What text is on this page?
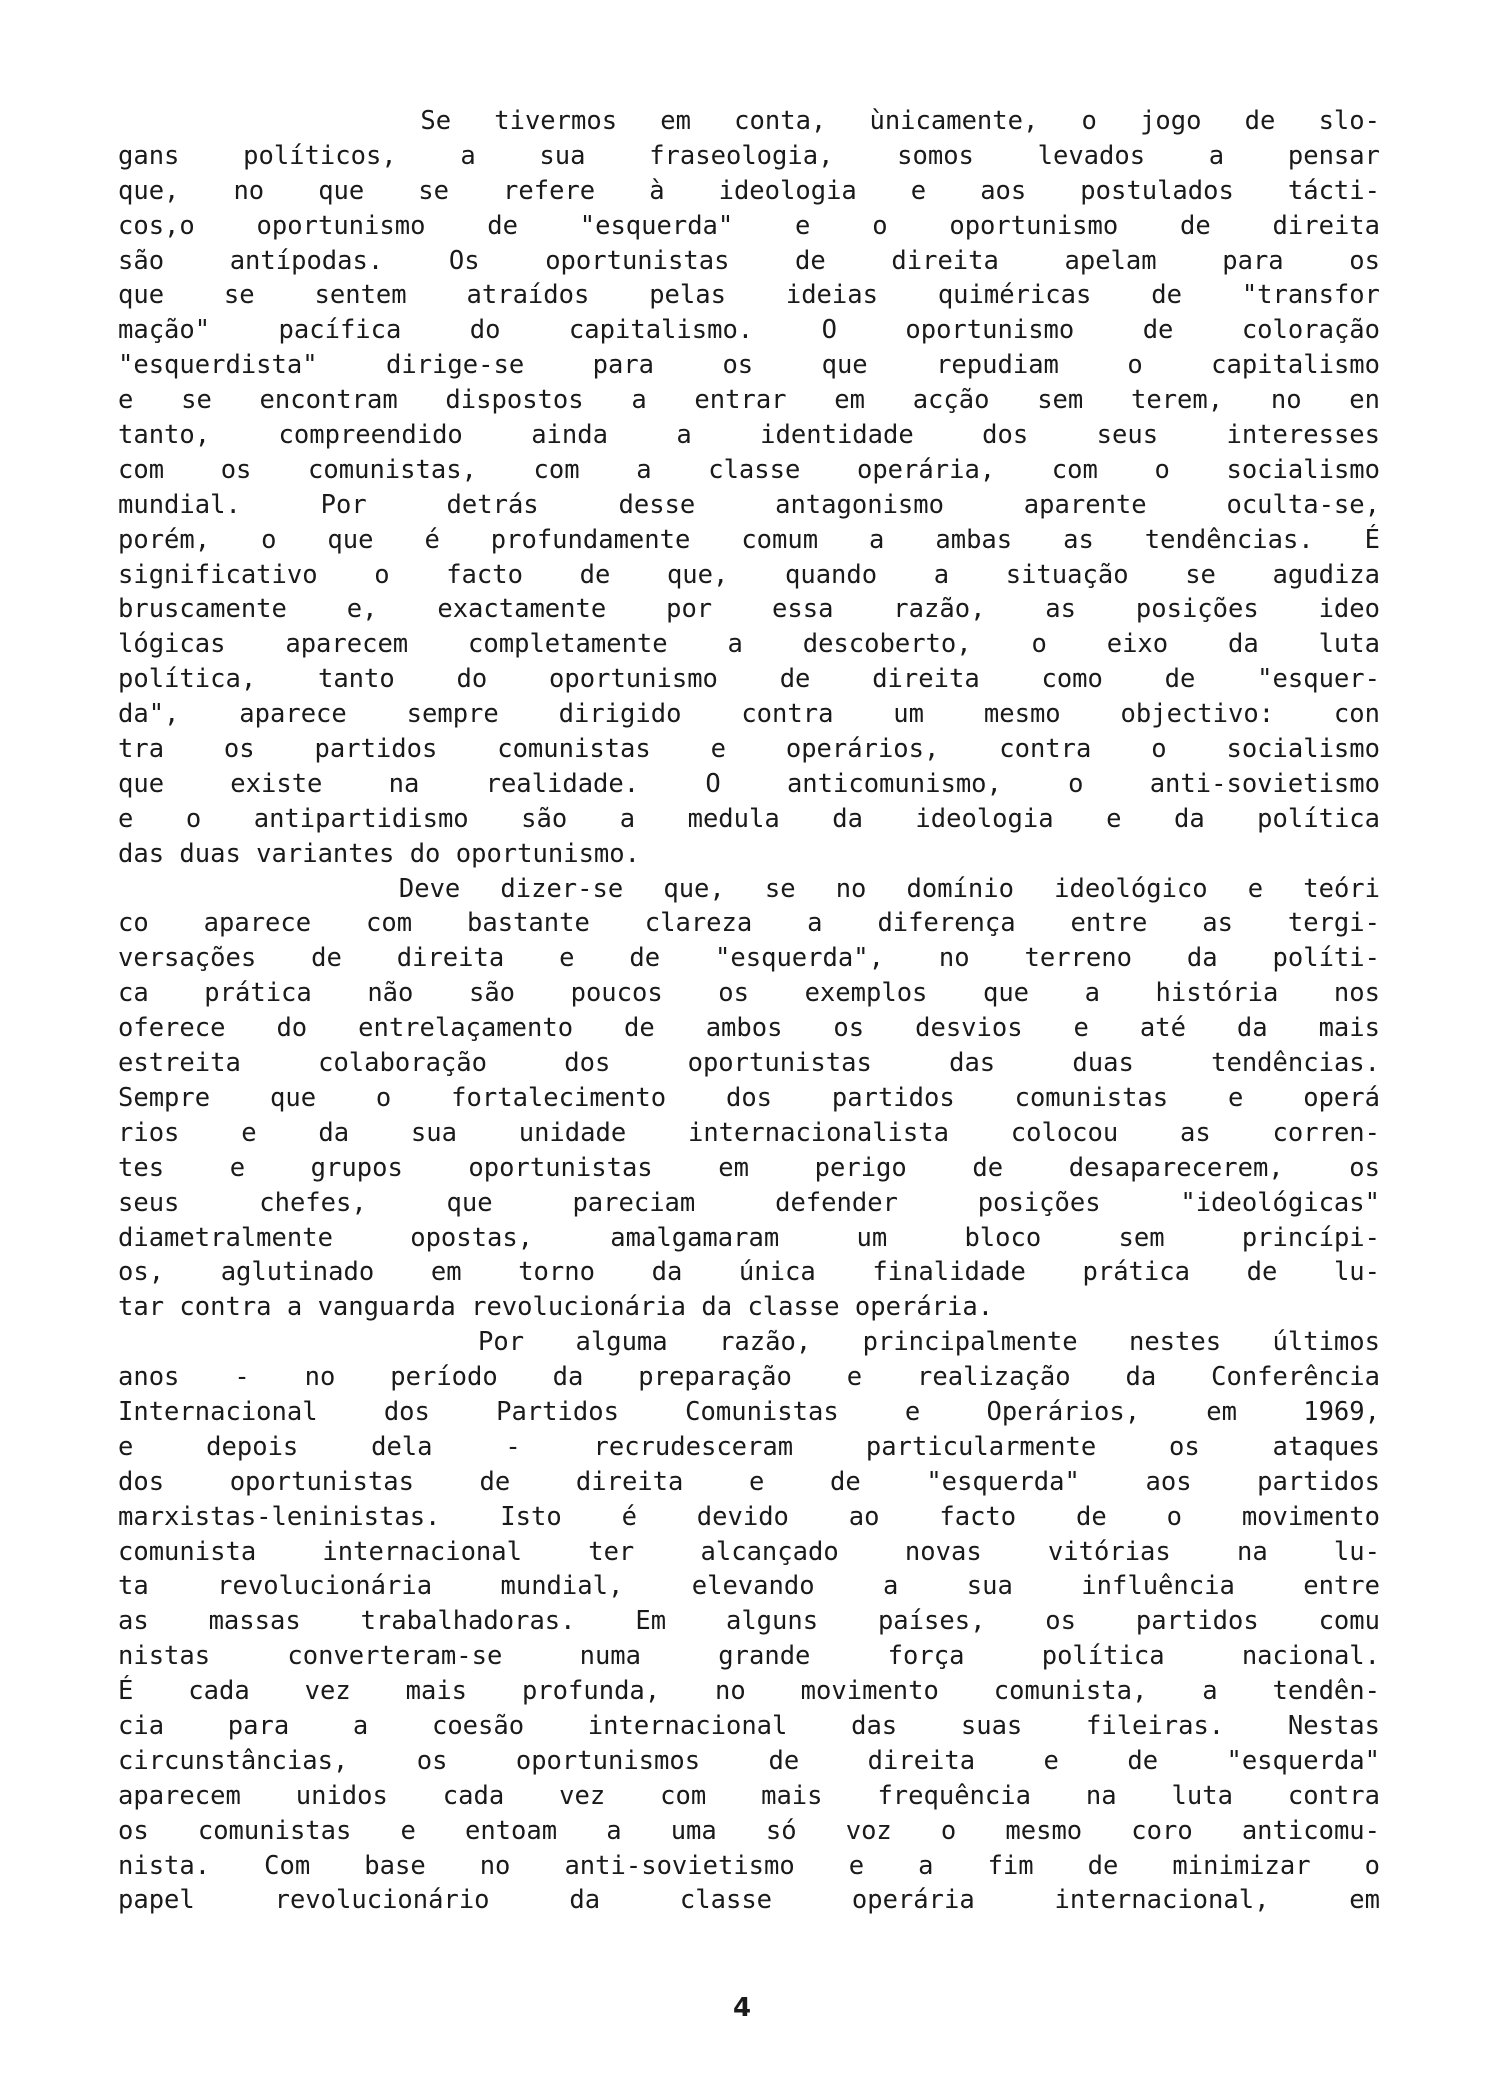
Se tivermos em conta, ùnicamente, o jogo de slo-
gans políticos, a sua fraseologia, somos levados a pensar
que, no que se refere à ideologia e aos postulados tácti-
cos,o oportunismo de "esquerda" e o oportunismo de direita
são antípodas. Os oportunistas de direita apelam para os
que se sentem atraídos pelas ideias quiméricas de "transfor
mação" pacífica do capitalismo. O oportunismo de coloração
"esquerdista" dirige-se para os que repudiam o capitalismo
e se encontram dispostos a entrar em acção sem terem, no en
tanto, compreendido ainda a identidade dos seus interesses
com os comunistas, com a classe operária, com o socialismo
mundial. Por detrás desse antagonismo aparente oculta-se,
porém, o que é profundamente comum a ambas as tendências. É
significativo o facto de que, quando a situação se agudiza
bruscamente e, exactamente por essa razão, as posições ideo
lógicas aparecem completamente a descoberto, o eixo da luta
política, tanto do oportunismo de direita como de "esquer-
da", aparece sempre dirigido contra um mesmo objectivo: con
tra os partidos comunistas e operários, contra o socialismo
que existe na realidade. O anticomunismo, o anti-sovietismo
e o antipartidismo são a medula da ideologia e da política
das duas variantes do oportunismo.
Deve dizer-se que, se no domínio ideológico e teóri
co aparece com bastante clareza a diferença entre as tergi-
versações de direita e de "esquerda", no terreno da políti-
ca prática não são poucos os exemplos que a história nos
oferece do entrelaçamento de ambos os desvios e até da mais
estreita colaboração dos oportunistas das duas tendências.
Sempre que o fortalecimento dos partidos comunistas e operá
rios e da sua unidade internacionalista colocou as corren-
tes e grupos oportunistas em perigo de desaparecerem, os
seus chefes, que pareciam defender posições "ideológicas"
diametralmente opostas, amalgamaram um bloco sem princípi-
os, aglutinado em torno da única finalidade prática de lu-
tar contra a vanguarda revolucionária da classe operária.
Por alguma razão, principalmente nestes últimos
anos - no período da preparação e realização da Conferência
Internacional dos Partidos Comunistas e Operários, em 1969,
e depois dela - recrudesceram particularmente os ataques
dos oportunistas de direita e de "esquerda" aos partidos
marxistas-leninistas. Isto é devido ao facto de o movimento
comunista internacional ter alcançado novas vitórias na lu-
ta revolucionária mundial, elevando a sua influência entre
as massas trabalhadoras. Em alguns países, os partidos comu
nistas converteram-se numa grande força política nacional.
É cada vez mais profunda, no movimento comunista, a tendên-
cia para a coesão internacional das suas fileiras. Nestas
circunstâncias, os oportunismos de direita e de "esquerda"
aparecem unidos cada vez com mais frequência na luta contra
os comunistas e entoam a uma só voz o mesmo coro anticomu-
nista. Com base no anti-sovietismo e a fim de minimizar o
papel revolucionário da classe operária internacional, em
4
